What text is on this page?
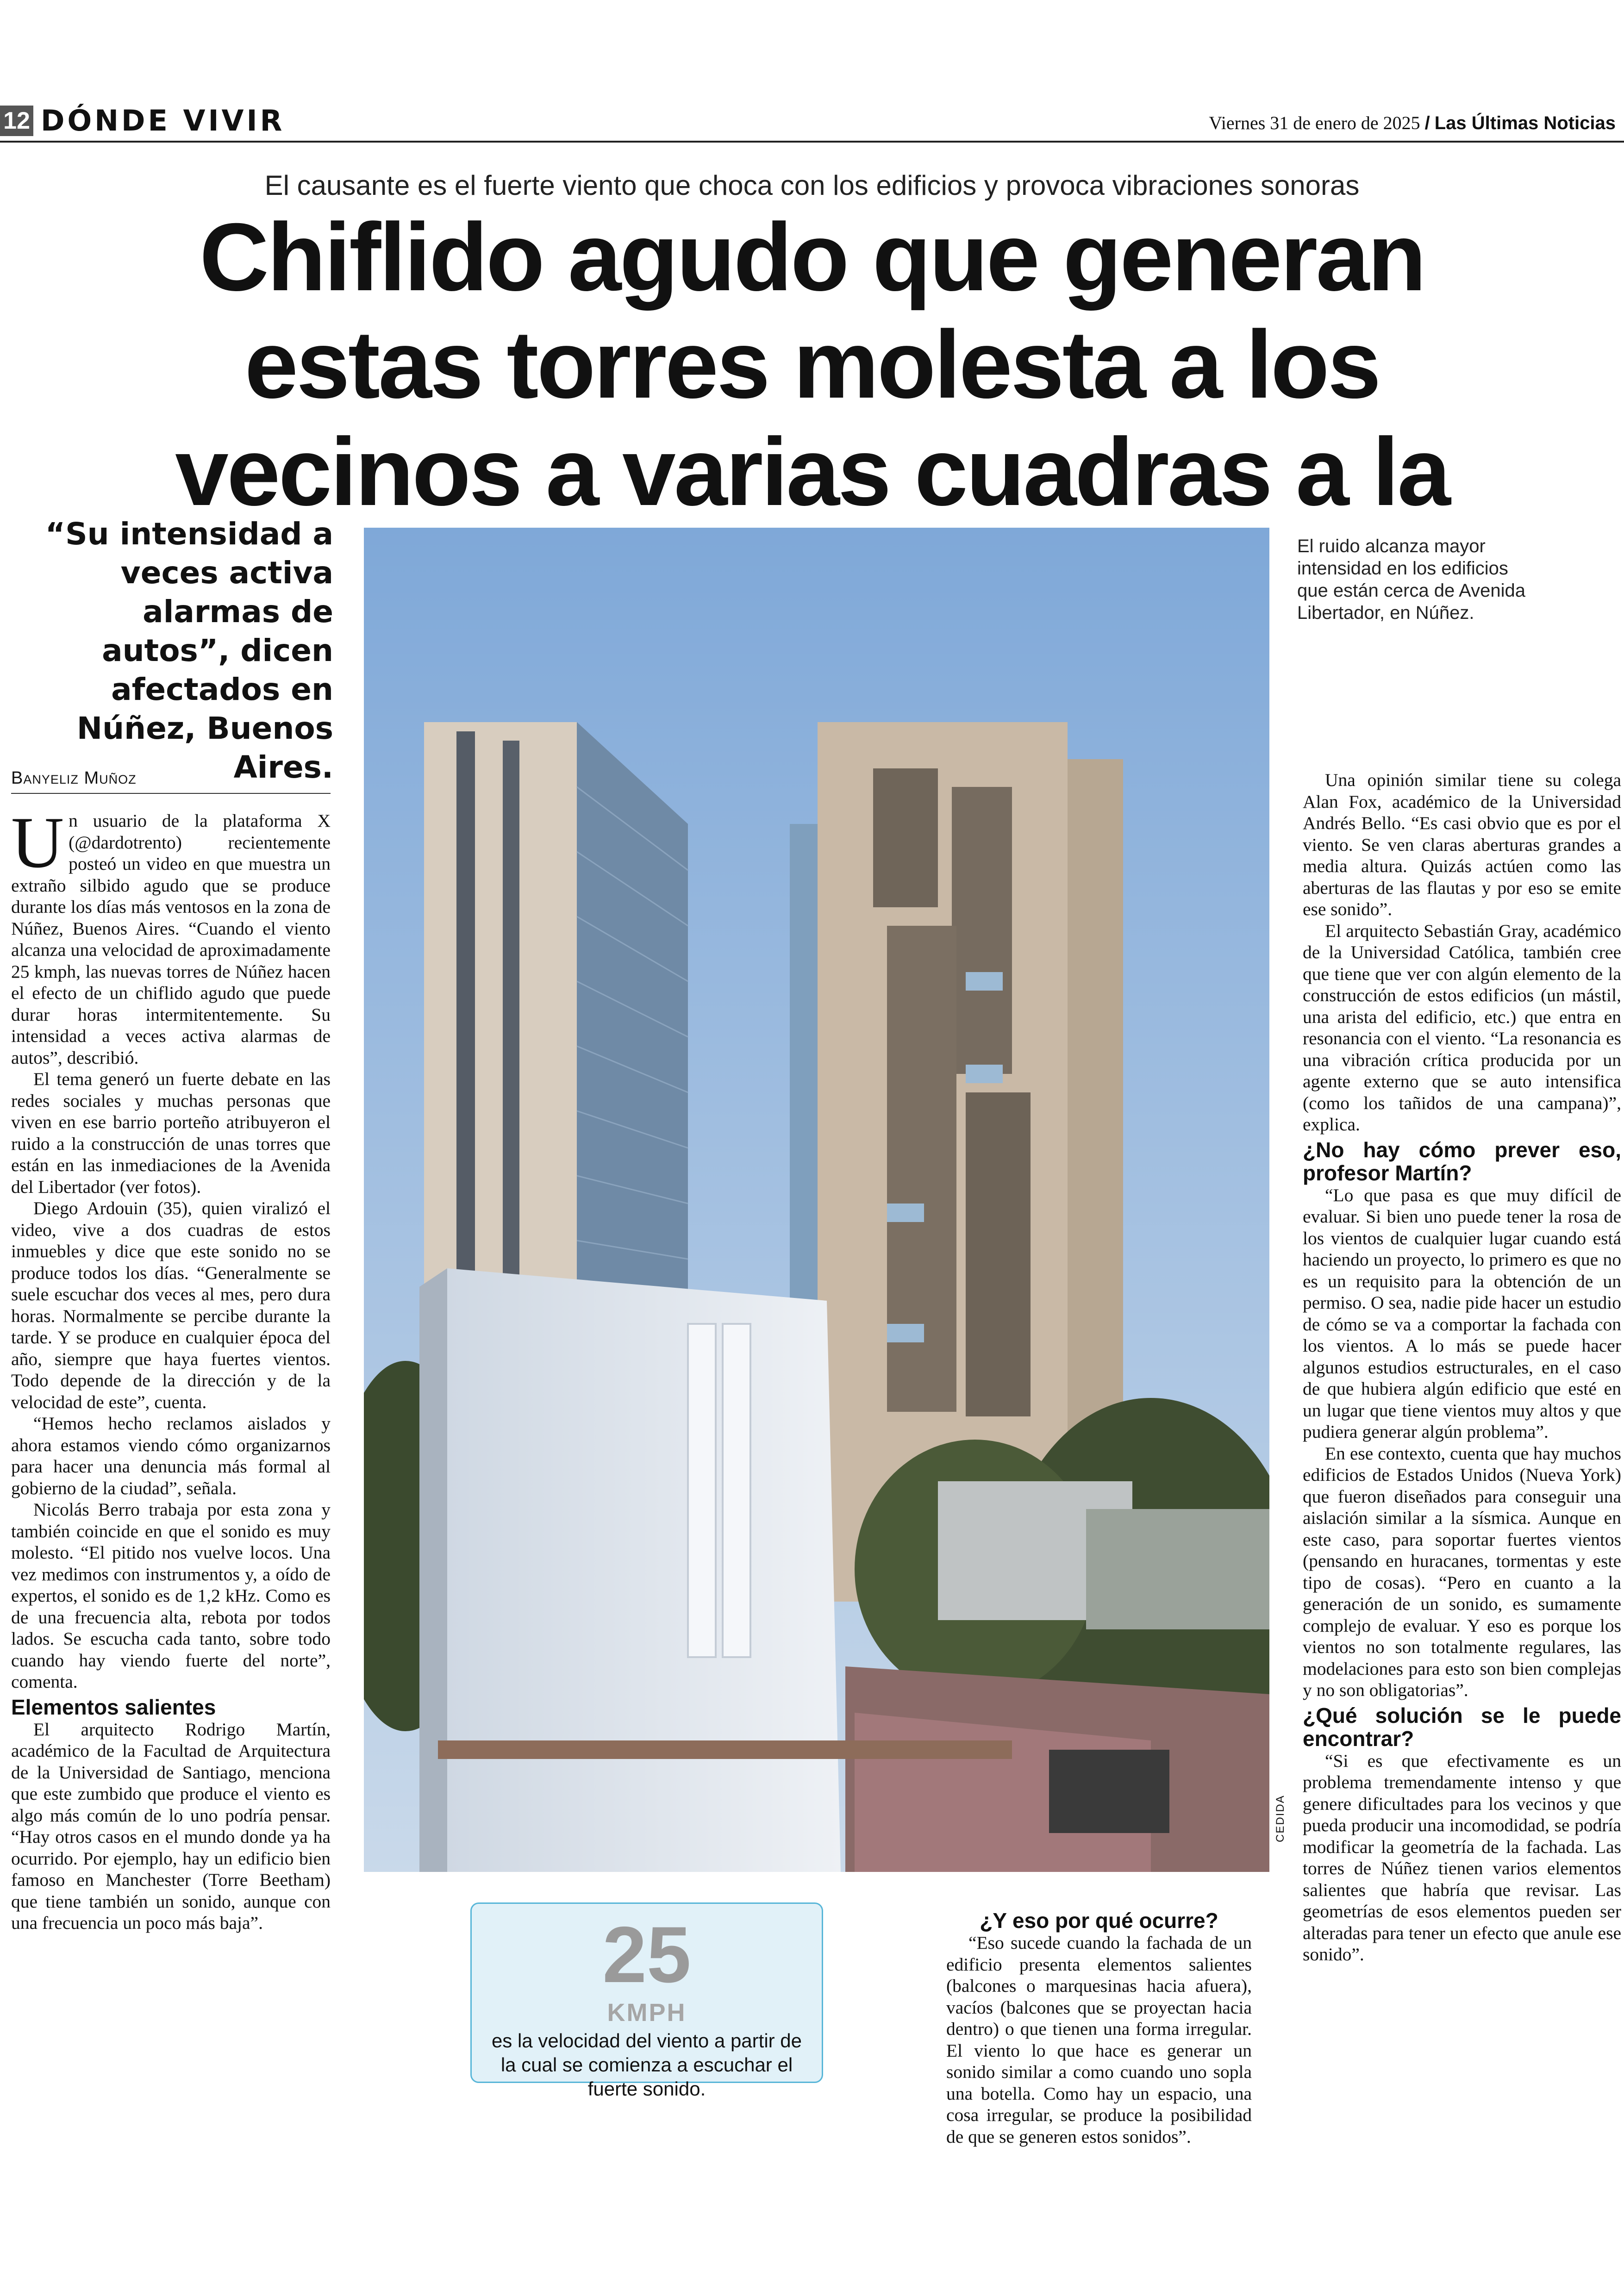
12 DÓNDE VIVIR	Viernes 31 de enero de 2025 / Las Últimas Noticias
El causante es el fuerte viento que choca con los edificios y provoca vibraciones sonoras
Chiflido agudo que generan estas torres molesta a los vecinos a varias cuadras a la
“Su intensidad a veces activa alarmas de autos”, dicen afectados en Núñez, Buenos Aires.
CEDIDA
El ruido alcanza mayor intensidad en los edificios que están cerca de Avenida Libertador, en Núñez.
Banyeliz Muñoz

Un usuario de la plataforma X (@dardotrento) recientemente posteó un video en que muestra un extraño silbido agudo que se produce durante los días más ventosos en la zona de Núñez, Buenos Aires. “Cuando el viento alcanza una velocidad de aproximadamente 25 kmph, las nuevas torres de Núñez hacen el efecto de un chiflido agudo que puede durar horas intermitentemente. Su intensidad a veces activa alarmas de autos”, describió.

El tema generó un fuerte debate en las redes sociales y muchas personas que viven en ese barrio porteño atribuyeron el ruido a la construcción de unas torres que están en las inmediaciones de la Avenida del Libertador (ver fotos).

Diego Ardouin (35), quien viralizó el video, vive a dos cuadras de estos inmuebles y dice que este sonido no se produce todos los días. “Generalmente se suele escuchar dos veces al mes, pero dura horas. Normalmente se percibe durante la tarde. Y se produce en cualquier época del año, siempre que haya fuertes vientos. Todo depende de la dirección y de la velocidad de este”, cuenta.

“Hemos hecho reclamos aislados y ahora estamos viendo cómo organizarnos para hacer una denuncia más formal al gobierno de la ciudad”, señala.

Nicolás Berro trabaja por esta zona y también coincide en que el sonido es muy molesto. “El pitido nos vuelve locos. Una vez medimos con instrumentos y, a oído de expertos, el sonido es de 1,2 kHz. Como es de una frecuencia alta, rebota por todos lados. Se escucha cada tanto, sobre todo cuando hay viendo fuerte del norte”, comenta.

Elementos salientes

El arquitecto Rodrigo Martín, académico de la Facultad de Arquitectura de la Universidad de Santiago, menciona que este zumbido que produce el viento es algo más común de lo uno podría pensar. “Hay otros casos en el mundo donde ya ha ocurrido. Por ejemplo, hay un edificio bien famoso en Manchester (Torre Beetham) que tiene también un sonido, aunque con una frecuencia un poco más baja”.	25
KMPH
es la velocidad del viento a partir de la cual se comienza a escuchar el fuerte sonido.
¿Y eso por qué ocurre?

“Eso sucede cuando la fachada de un edificio presenta elementos salientes (balcones o marquesinas hacia afuera), vacíos (balcones que se proyectan hacia dentro) o que tienen una forma irregular. El viento lo que hace es generar un sonido similar a como cuando uno sopla una botella. Como hay un espacio, una cosa irregular, se produce la posibilidad de que se generen estos sonidos”.

Una opinión similar tiene su colega Alan Fox, académico de la Universidad Andrés Bello. “Es casi obvio que es por el viento. Se ven claras aberturas grandes a media altura. Quizás actúen como las aberturas de las flautas y por eso se emite ese sonido”.

El arquitecto Sebastián Gray, académico de la Universidad Católica, también cree que tiene que ver con algún elemento de la construcción de estos edificios (un mástil, una arista del edificio, etc.) que entra en resonancia con el viento. “La resonancia es una vibración crítica producida por un agente externo que se auto intensifica (como los tañidos de una campana)”, explica.

¿No hay cómo prever eso, profesor Martín?

“Lo que pasa es que muy difícil de evaluar. Si bien uno puede tener la rosa de los vientos de cualquier lugar cuando está haciendo un proyecto, lo primero es que no es un requisito para la obtención de un permiso. O sea, nadie pide hacer un estudio de cómo se va a comportar la fachada con los vientos. A lo más se puede hacer algunos estudios estructurales, en el caso de que hubiera algún edificio que esté en un lugar que tiene vientos muy altos y que pudiera generar algún problema”.

En ese contexto, cuenta que hay muchos edificios de Estados Unidos (Nueva York) que fueron diseñados para conseguir una aislación similar a la sísmica. Aunque en este caso, para soportar fuertes vientos (pensando en huracanes, tormentas y este tipo de cosas). “Pero en cuanto a la generación de un sonido, es sumamente complejo de evaluar. Y eso es porque los vientos no son totalmente regulares, las modelaciones para esto son bien complejas y no son obligatorias”.

¿Qué solución se le puede encontrar?

“Si es que efectivamente es un problema tremendamente intenso y que genere dificultades para los vecinos y que pueda producir una incomodidad, se podría modificar la geometría de la fachada. Las torres de Núñez tienen varios elementos salientes que habría que revisar. Las geometrías de esos elementos pueden ser alteradas para tener un efecto que anule ese sonido”.
